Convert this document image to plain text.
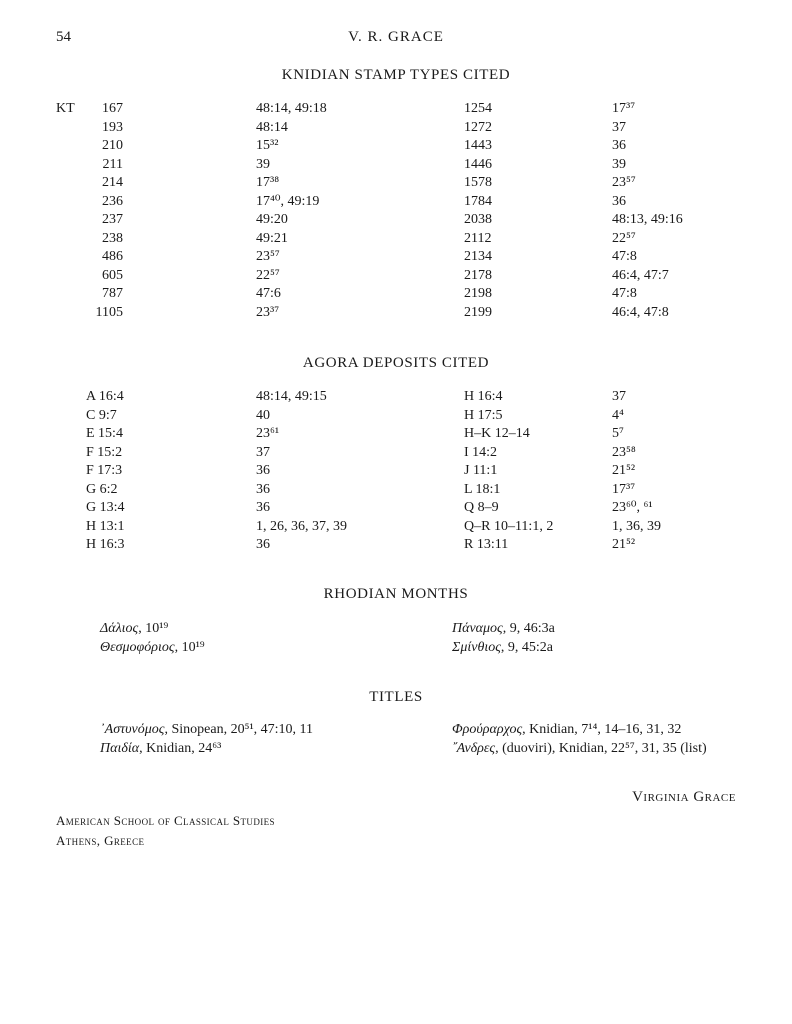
54	V. R. GRACE
KNIDIAN STAMP TYPES CITED
KT	167	48:14, 49:18	1254	17³⁷
193	48:14	1272	37
210	15³²	1443	36
211	39	1446	39
214	17³⁸	1578	23⁵⁷
236	17⁴⁰, 49:19	1784	36
237	49:20	2038	48:13, 49:16
238	49:21	2112	22⁵⁷
486	23⁵⁷	2134	47:8
605	22⁵⁷	2178	46:4, 47:7
787	47:6	2198	47:8
1105	23³⁷	2199	46:4, 47:8
AGORA DEPOSITS CITED
A 16:4	48:14, 49:15	H 16:4	37
C 9:7	40	H 17:5	4⁴
E 15:4	23⁶¹	H–K 12–14	5⁷
F 15:2	37	I 14:2	23⁵⁸
F 17:3	36	J 11:1	21⁵²
G 6:2	36	L 18:1	17³⁷
G 13:4	36	Q 8–9	23⁶⁰, ⁶¹
H 13:1	1, 26, 36, 37, 39	Q–R 10–11:1, 2	1, 36, 39
H 16:3	36	R 13:11	21⁵²
RHODIAN MONTHS
Δάλιος, 10¹⁹	Πάναμος, 9, 46:3a
Θεσμοφόριος, 10¹⁹	Σμίνθιος, 9, 45:2a
TITLES
᾿Αστυνόμος, Sinopean, 20⁵¹, 47:10, 11	Φρούραρχος, Knidian, 7¹⁴, 14–16, 31, 32
Παιδία, Knidian, 24⁶³	῎Ανδρες, (duoviri), Knidian, 22⁵⁷, 31, 35 (list)
Virginia Grace
American School of Classical Studies
Athens, Greece
